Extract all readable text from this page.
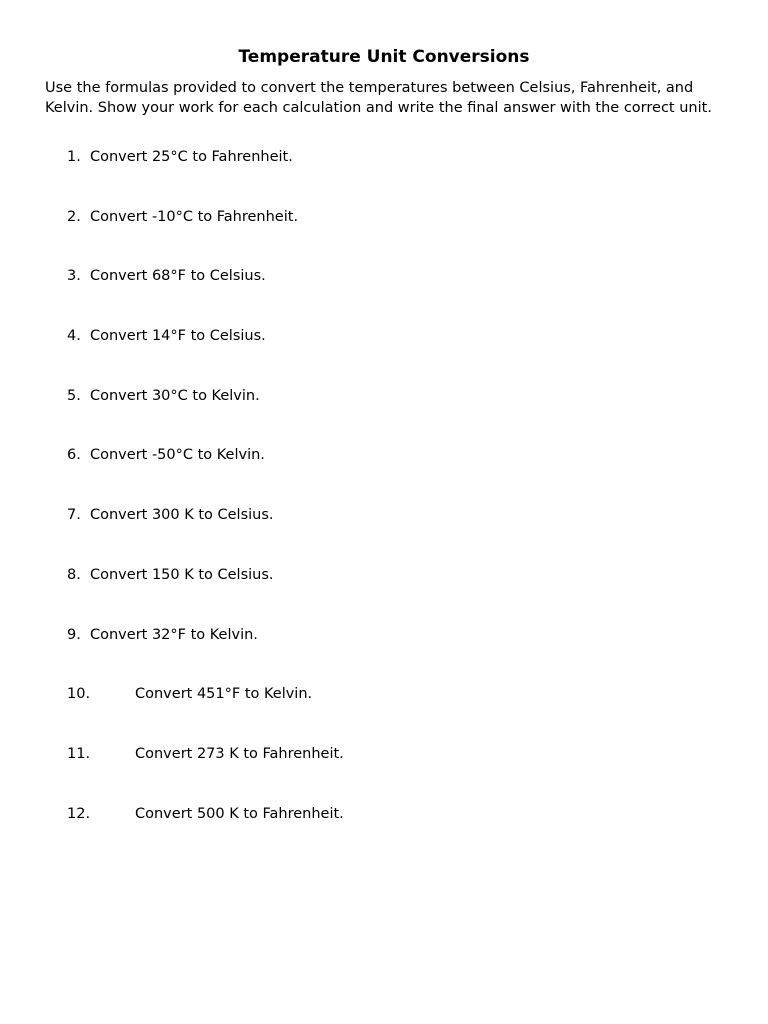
Temperature Unit Conversions

Use the formulas provided to convert the temperatures between Celsius, Fahrenheit, and Kelvin. Show your work for each calculation and write the final answer with the correct unit.

1. Convert 25°C to Fahrenheit.
2. Convert -10°C to Fahrenheit.
3. Convert 68°F to Celsius.
4. Convert 14°F to Celsius.
5. Convert 30°C to Kelvin.
6. Convert -50°C to Kelvin.
7. Convert 300 K to Celsius.
8. Convert 150 K to Celsius.
9. Convert 32°F to Kelvin.
10.	Convert 451°F to Kelvin.
11.	Convert 273 K to Fahrenheit.
12.	Convert 500 K to Fahrenheit.
